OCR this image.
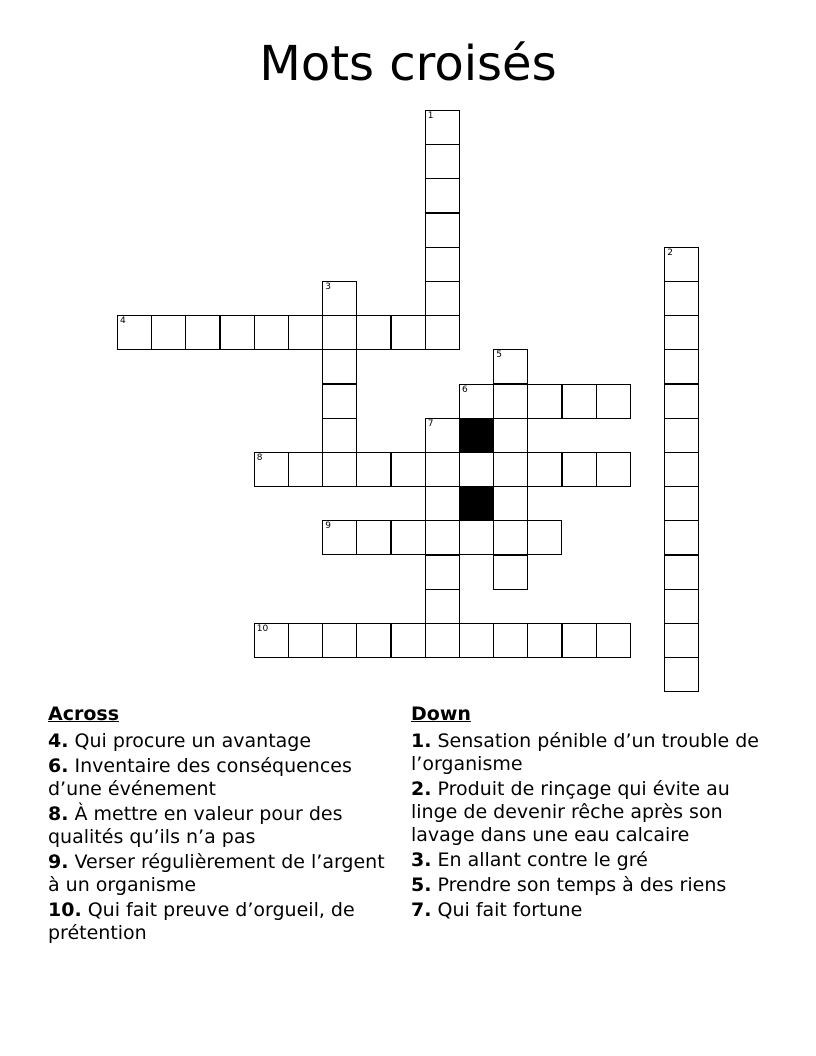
Mots croisés
1
2
3
4
5
6
7
8
9
10
Across
4. Qui procure un avantage
6. Inventaire des conséquences d’une événement
8. À mettre en valeur pour des qualités qu’ils n’a pas
9. Verser régulièrement de l’argent à un organisme
10. Qui fait preuve d’orgueil, de prétention
Down
1. Sensation pénible d’un trouble de l’organisme
2. Produit de rinçage qui évite au linge de devenir rêche après son lavage dans une eau calcaire
3. En allant contre le gré
5. Prendre son temps à des riens
7. Qui fait fortune
